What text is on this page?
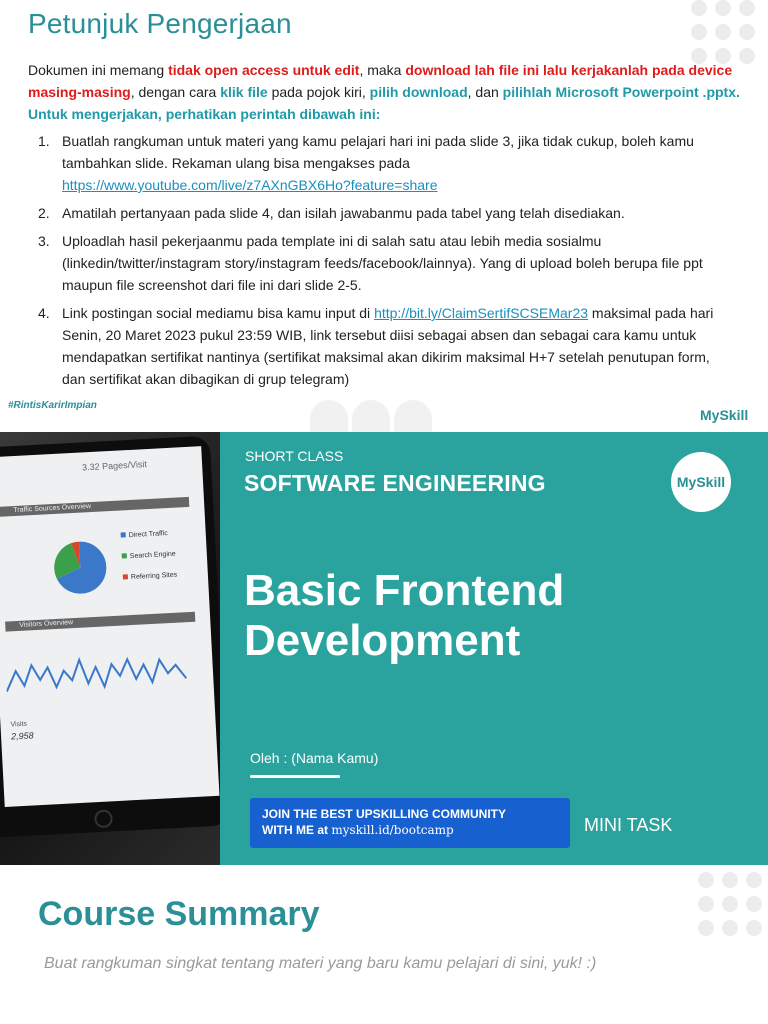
Petunjuk Pengerjaan

Dokumen ini memang tidak open access untuk edit, maka download lah file ini lalu kerjakanlah pada device masing-masing, dengan cara klik file pada pojok kiri, pilih download, dan pilihlah Microsoft Powerpoint .pptx.
Untuk mengerjakan, perhatikan perintah dibawah ini:

1. Buatlah rangkuman untuk materi yang kamu pelajari hari ini pada slide 3, jika tidak cukup, boleh kamu tambahkan slide. Rekaman ulang bisa mengakses pada
https://www.youtube.com/live/z7AXnGBX6Ho?feature=share
2. Amatilah pertanyaan pada slide 4, dan isilah jawabanmu pada tabel yang telah disediakan.
3. Uploadlah hasil pekerjaanmu pada template ini di salah satu atau lebih media sosialmu (linkedin/twitter/instagram story/instagram feeds/facebook/lainnya). Yang di upload boleh berupa file ppt maupun file screenshot dari file ini dari slide 2-5.
4. Link postingan social mediamu bisa kamu input di http://bit.ly/ClaimSertifSCSEMar23 maksimal pada hari Senin, 20 Maret 2023 pukul 23:59 WIB, link tersebut diisi sebagai absen dan sebagai cara kamu untuk mendapatkan sertifikat nantinya (sertifikat maksimal akan dikirim maksimal H+7 setelah penutupan form, dan sertifikat akan dibagikan di grup telegram)
#RintisKarirImpian
MySkill
3.32 Pages/Visit
Traffic Sources Overview
Direct Traffic
Search Engine
Referring Sites
Visitors Overview
Visits
2,958
SHORT CLASS
SOFTWARE ENGINEERING	MySkill
Basic Frontend
Development
Oleh : (Nama Kamu)
JOIN THE BEST UPSKILLING COMMUNITY
WITH ME at myskill.id/bootcamp	MINI TASK
Course Summary

Buat rangkuman singkat tentang materi yang baru kamu pelajari di sini, yuk! :)
